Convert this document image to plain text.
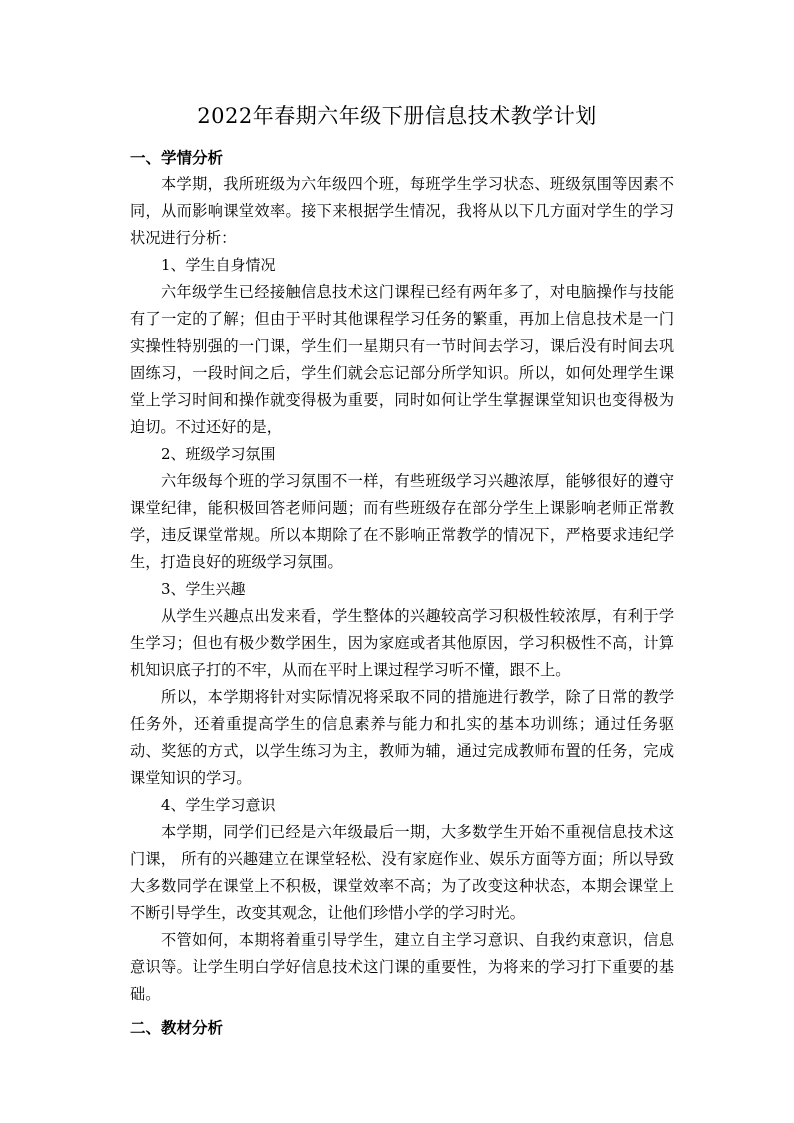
2022年春期六年级下册信息技术教学计划

一、学情分析

本学期，我所班级为六年级四个班，每班学生学习状态、班级氛围等因素不同，从而影响课堂效率。接下来根据学生情况，我将从以下几方面对学生的学习状况进行分析：

1、学生自身情况

六年级学生已经接触信息技术这门课程已经有两年多了，对电脑操作与技能有了一定的了解；但由于平时其他课程学习任务的繁重，再加上信息技术是一门实操性特别强的一门课，学生们一星期只有一节时间去学习，课后没有时间去巩固练习，一段时间之后，学生们就会忘记部分所学知识。所以，如何处理学生课堂上学习时间和操作就变得极为重要，同时如何让学生掌握课堂知识也变得极为迫切。不过还好的是，

2、班级学习氛围

六年级每个班的学习氛围不一样，有些班级学习兴趣浓厚，能够很好的遵守课堂纪律，能积极回答老师问题；而有些班级存在部分学生上课影响老师正常教学，违反课堂常规。所以本期除了在不影响正常教学的情况下，严格要求违纪学生，打造良好的班级学习氛围。

3、学生兴趣

从学生兴趣点出发来看，学生整体的兴趣较高学习积极性较浓厚，有利于学生学习；但也有极少数学困生，因为家庭或者其他原因，学习积极性不高，计算机知识底子打的不牢，从而在平时上课过程学习听不懂，跟不上。

所以，本学期将针对实际情况将采取不同的措施进行教学，除了日常的教学任务外，还着重提高学生的信息素养与能力和扎实的基本功训练；通过任务驱动、奖惩的方式，以学生练习为主，教师为辅，通过完成教师布置的任务，完成课堂知识的学习。

4、学生学习意识

本学期，同学们已经是六年级最后一期，大多数学生开始不重视信息技术这门课， 所有的兴趣建立在课堂轻松、没有家庭作业、娱乐方面等方面；所以导致大多数同学在课堂上不积极，课堂效率不高；为了改变这种状态，本期会课堂上不断引导学生，改变其观念，让他们珍惜小学的学习时光。

不管如何，本期将着重引导学生，建立自主学习意识、自我约束意识，信息意识等。让学生明白学好信息技术这门课的重要性，为将来的学习打下重要的基础。

二、教材分析
